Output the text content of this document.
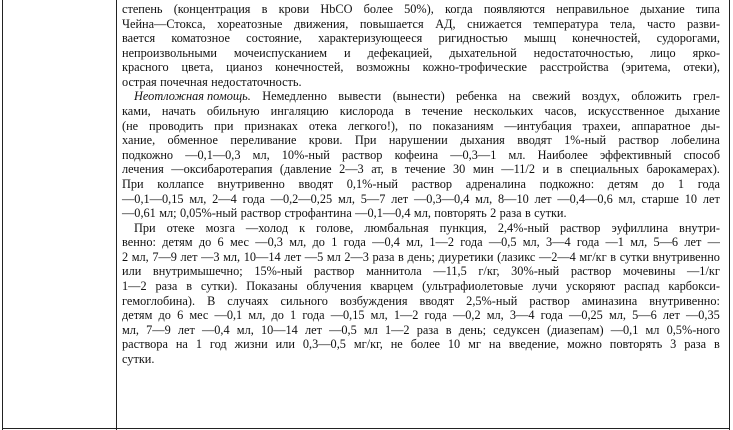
степень (концентрация в крови HbCO более 50%), когда появляются неправильное дыхание типа
Чейна—Стокса, хореатозные движения, повышается АД, снижается температура тела, часто разви-
вается коматозное состояние, характеризующееся ригидностью мышц конечностей, судорогами,
непроизвольными мочеиспусканием и дефекацией, дыхательной недостаточностью, лицо ярко-
красного цвета, цианоз конечностей, возможны кожно-трофические расстройства (эритема, отеки),
острая почечная недостаточность.
Неотложная помощь. Немедленно вывести (вынести) ребенка на свежий воздух, обложить грел-
ками, начать обильную ингаляцию кислорода в течение нескольких часов, искусственное дыхание
(не проводить при признаках отека легкого!), по показаниям —интубация трахеи, аппаратное ды-
хание, обменное переливание крови. При нарушении дыхания вводят 1%-ный раствор лобелина
подкожно —0,1—0,3 мл, 10%-ный раствор кофеина —0,3—1 мл. Наиболее эффективный способ
лечения —оксибаротерапия (давление 2—3 ат, в течение 30 мин —11/2 и в специальных барокамерах).
При коллапсе внутривенно вводят 0,1%-ный раствор адреналина подкожно: детям до 1 года
—0,1—0,15 мл, 2—4 года —0,2—0,25 мл, 5—7 лет —0,3—0,4 мл, 8—10 лет —0,4—0,6 мл, старше 10 лет
—0,61 мл; 0,05%-ный раствор строфантина —0,1—0,4 мл, повторять 2 раза в сутки.
При отеке мозга —холод к голове, люмбальная пункция, 2,4%-ный раствор эуфиллина внутри-
венно: детям до 6 мес —0,3 мл, до 1 года —0,4 мл, 1—2 года —0,5 мл, 3—4 года —1 мл, 5—6 лет —
2 мл, 7—9 лет —3 мл, 10—14 лет —5 мл 2—3 раза в день; диуретики (лазикс —2—4 мг/кг в сутки внутривенно
или внутримышечно; 15%-ный раствор маннитола —11,5 г/кг, 30%-ный раствор мочевины —1/кг
1—2 раза в сутки). Показаны облучения кварцем (ультрафиолетовые лучи ускоряют распад карбокси-
гемоглобина). В случаях сильного возбуждения вводят 2,5%-ный раствор аминазина внутривенно:
детям до 6 мес —0,1 мл, до 1 года —0,15 мл, 1—2 года —0,2 мл, 3—4 года —0,25 мл, 5—6 лет —0,35
мл, 7—9 лет —0,4 мл, 10—14 лет —0,5 мл 1—2 раза в день; седуксен (диазепам) —0,1 мл 0,5%-ного
раствора на 1 год жизни или 0,3—0,5 мг/кг, не более 10 мг на введение, можно повторять 3 раза в
сутки.
